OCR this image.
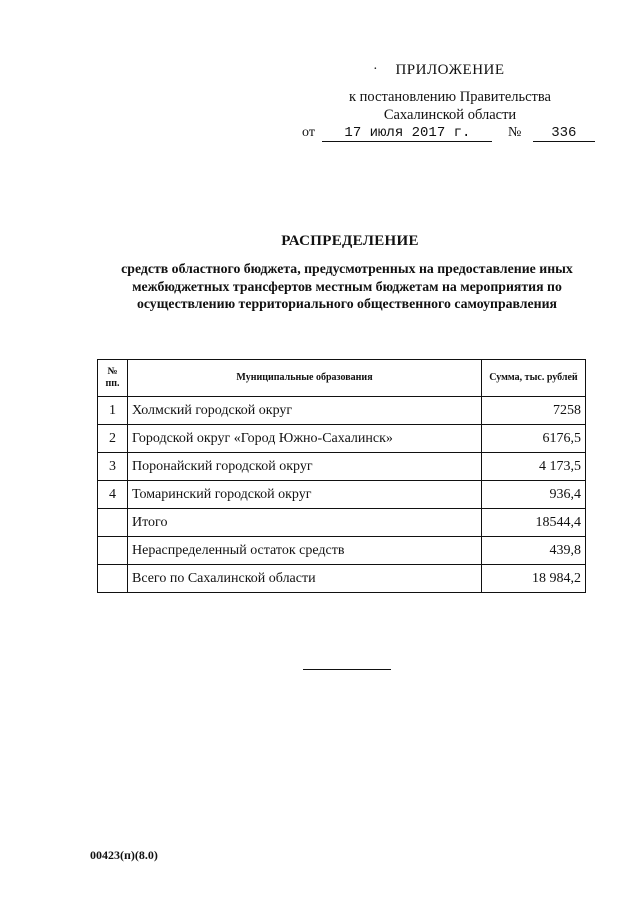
·	ПРИЛОЖЕНИЕ
к постановлению Правительства
Сахалинской области
от 17 июля 2017 г.	№ 336
РАСПРЕДЕЛЕНИЕ
средств областного бюджета, предусмотренных на предоставление иных межбюджетных трансфертов местным бюджетам на мероприятия по осуществлению территориального общественного самоуправления
№ пп.	Муниципальные образования	Сумма, тыс. рублей
1	Холмский городской округ	7258
2	Городской округ «Город Южно-Сахалинск»	6176,5
3	Поронайский городской округ	4 173,5
4	Томаринский городской округ	936,4
	Итого	18544,4
	Нераспределенный остаток средств	439,8
	Всего по Сахалинской области	18 984,2
00423(п)(8.0)
